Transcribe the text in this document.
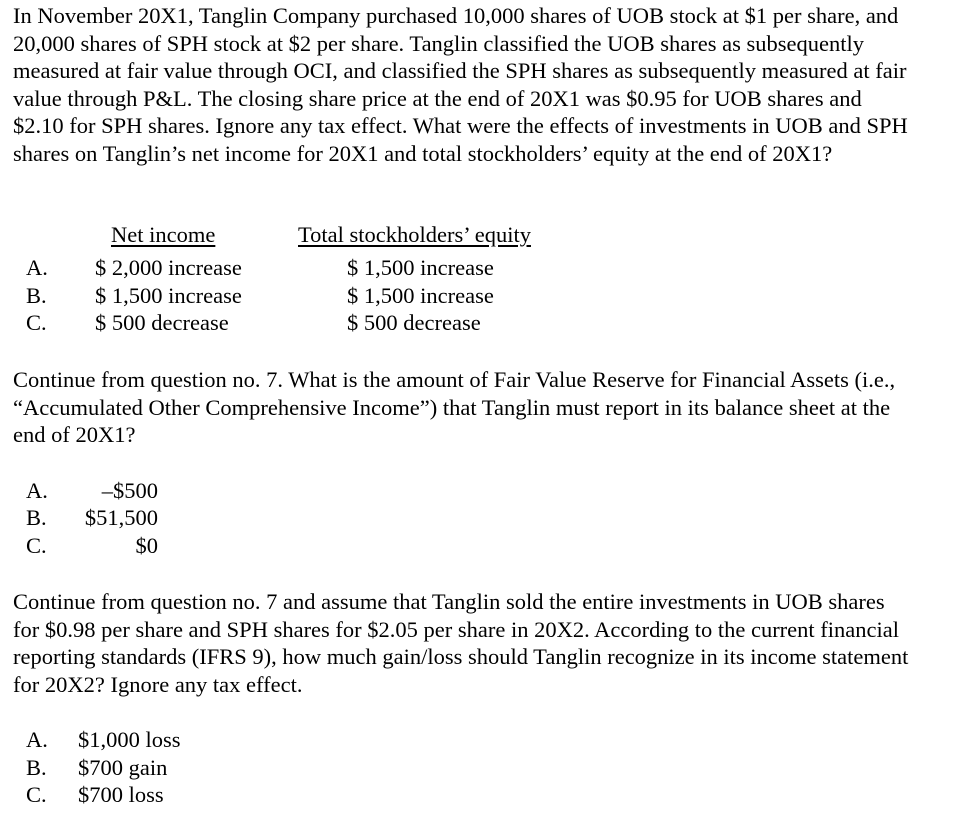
In November 20X1, Tanglin Company purchased 10,000 shares of UOB stock at $1 per share, and 20,000 shares of SPH stock at $2 per share. Tanglin classified the UOB shares as subsequently measured at fair value through OCI, and classified the SPH shares as subsequently measured at fair value through P&L. The closing share price at the end of 20X1 was $0.95 for UOB shares and $2.10 for SPH shares. Ignore any tax effect. What were the effects of investments in UOB and SPH shares on Tanglin’s net income for 20X1 and total stockholders’ equity at the end of 20X1?

Net income	Total stockholders’ equity
A. $ 2,000 increase	$ 1,500 increase
B. $ 1,500 increase	$ 1,500 increase
C. $ 500 decrease	$ 500 decrease

Continue from question no. 7. What is the amount of Fair Value Reserve for Financial Assets (i.e., “Accumulated Other Comprehensive Income”) that Tanglin must report in its balance sheet at the end of 20X1?

A.	–$500
B.	$51,500
C.	$0

Continue from question no. 7 and assume that Tanglin sold the entire investments in UOB shares for $0.98 per share and SPH shares for $2.05 per share in 20X2. According to the current financial reporting standards (IFRS 9), how much gain/loss should Tanglin recognize in its income statement for 20X2? Ignore any tax effect.

A. $1,000 loss
B. $700 gain
C. $700 loss
